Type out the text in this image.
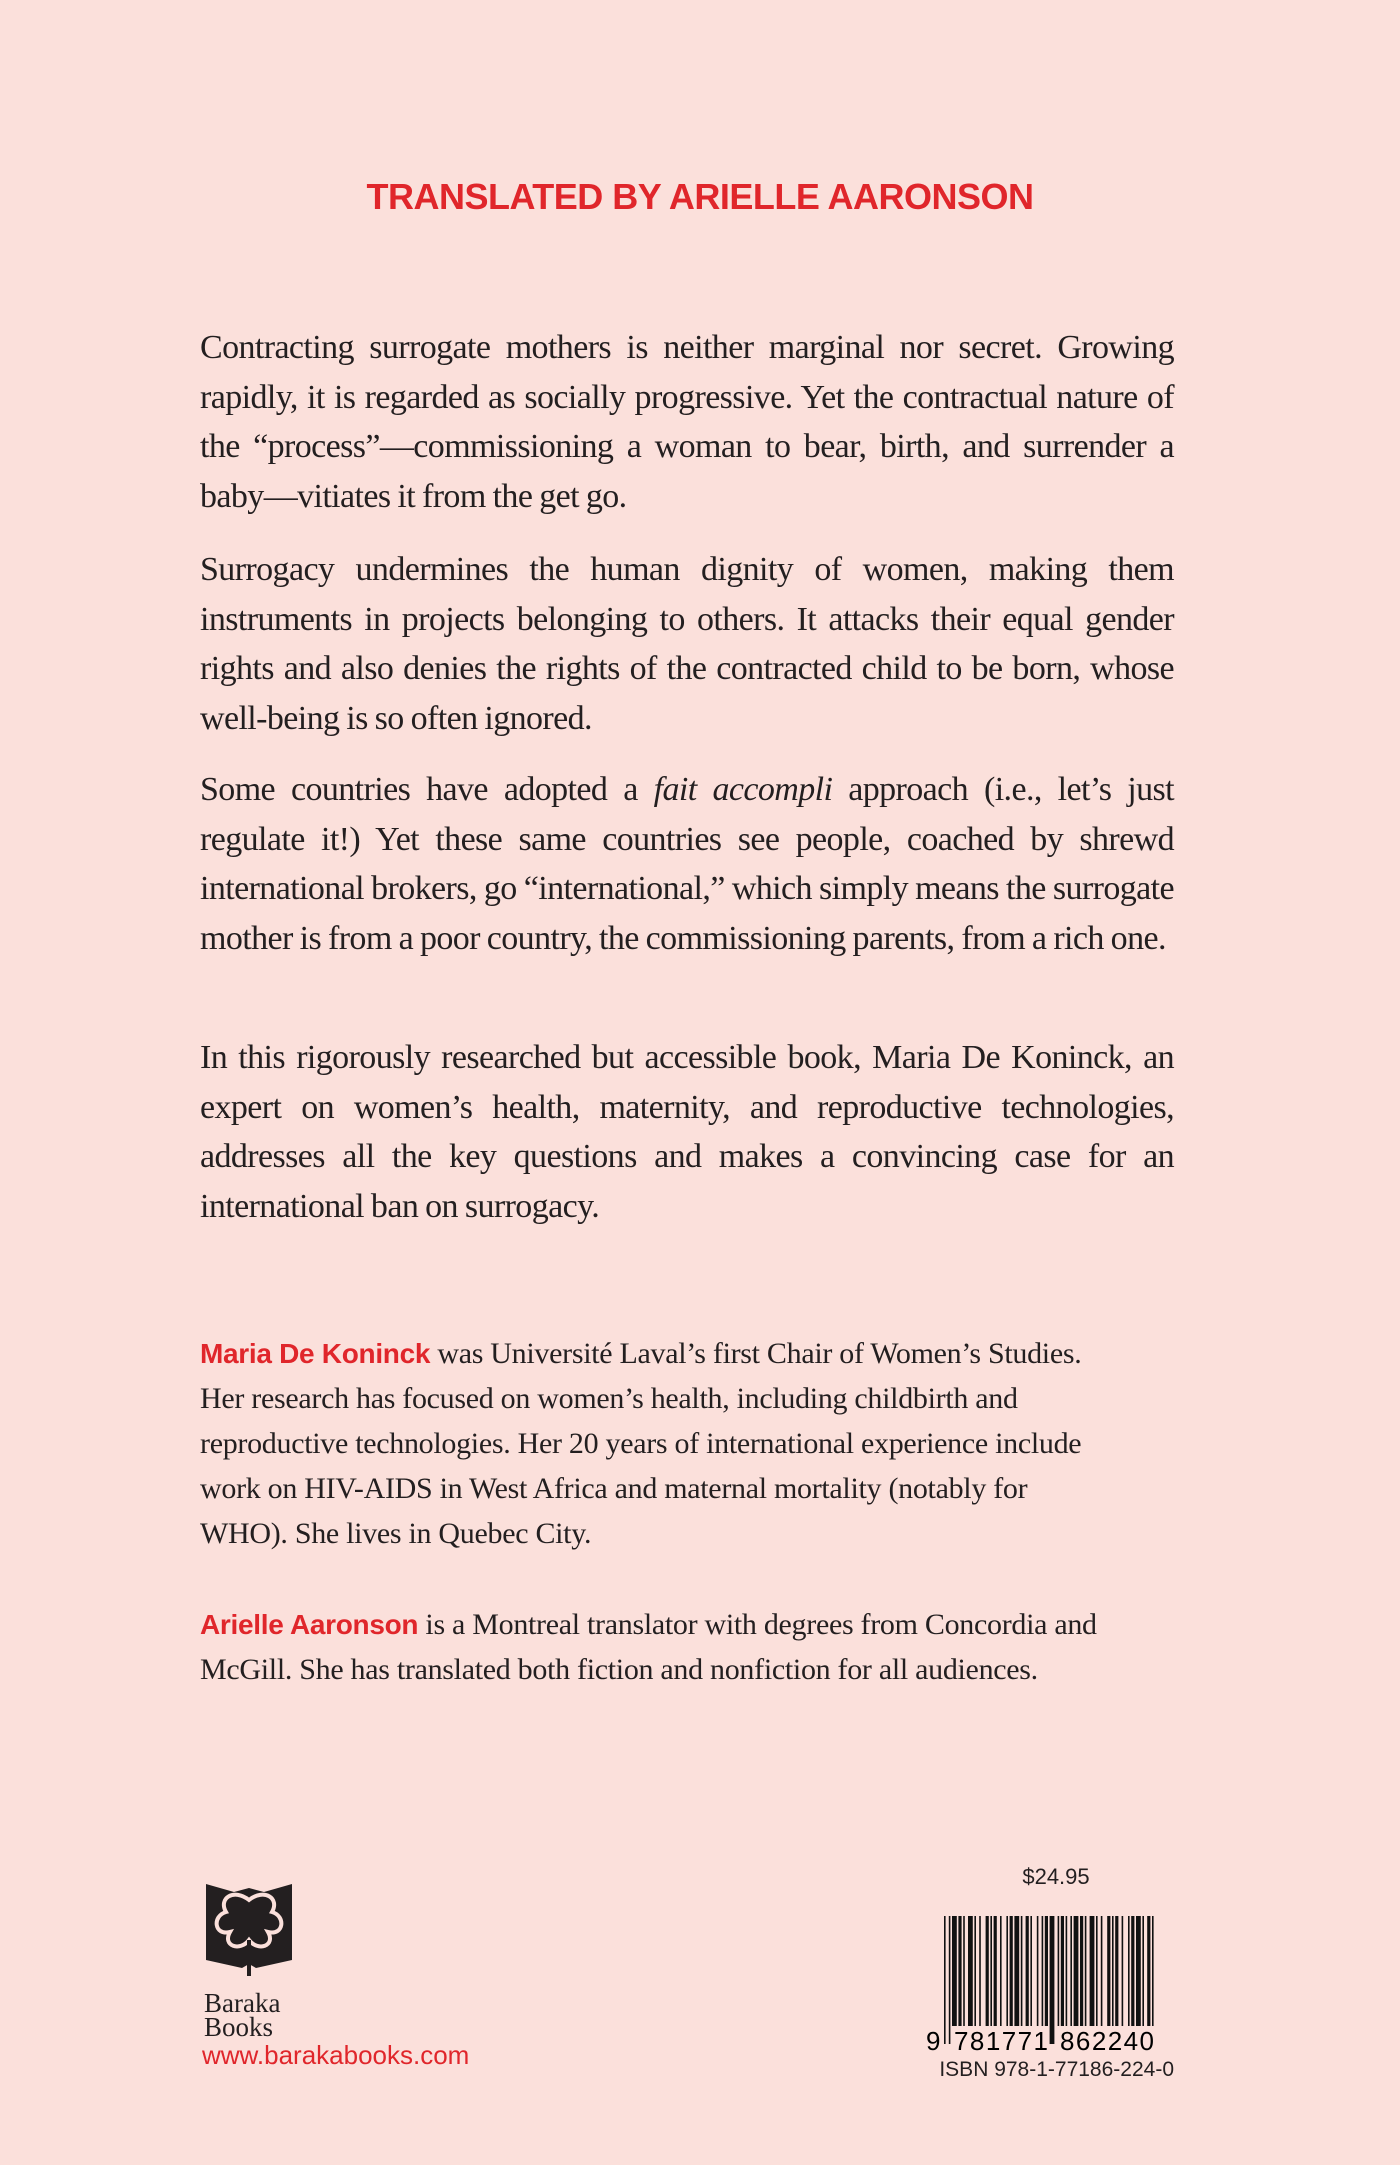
TRANSLATED BY ARIELLE AARONSON

Contracting surrogate mothers is neither marginal nor secret. Growing rapidly, it is regarded as socially progressive. Yet the contractual nature of the “process”—commissioning a woman to bear, birth, and surrender a baby—vitiates it from the get go.

Surrogacy undermines the human dignity of women, making them instruments in projects belonging to others. It attacks their equal gender rights and also denies the rights of the contracted child to be born, whose well-being is so often ignored.

Some countries have adopted a fait accompli approach (i.e., let’s just regulate it!) Yet these same countries see people, coached by shrewd international brokers, go “international,” which simply means the surrogate mother is from a poor country, the commissioning parents, from a rich one.

In this rigorously researched but accessible book, Maria De Koninck, an expert on women’s health, maternity, and reproductive technologies, addresses all the key questions and makes a convincing case for an international ban on surrogacy.

Maria De Koninck was Université Laval’s first Chair of Women’s Studies. Her research has focused on women’s health, including childbirth and reproductive technologies. Her 20 years of international experience include work on HIV-AIDS in West Africa and maternal mortality (notably for WHO). She lives in Quebec City.

Arielle Aaronson is a Montreal translator with degrees from Concordia and McGill. She has translated both fiction and nonfiction for all audiences.

Baraka
Books
www.barakabooks.com
$24.95
9 781771 862240
ISBN 978-1-77186-224-0
